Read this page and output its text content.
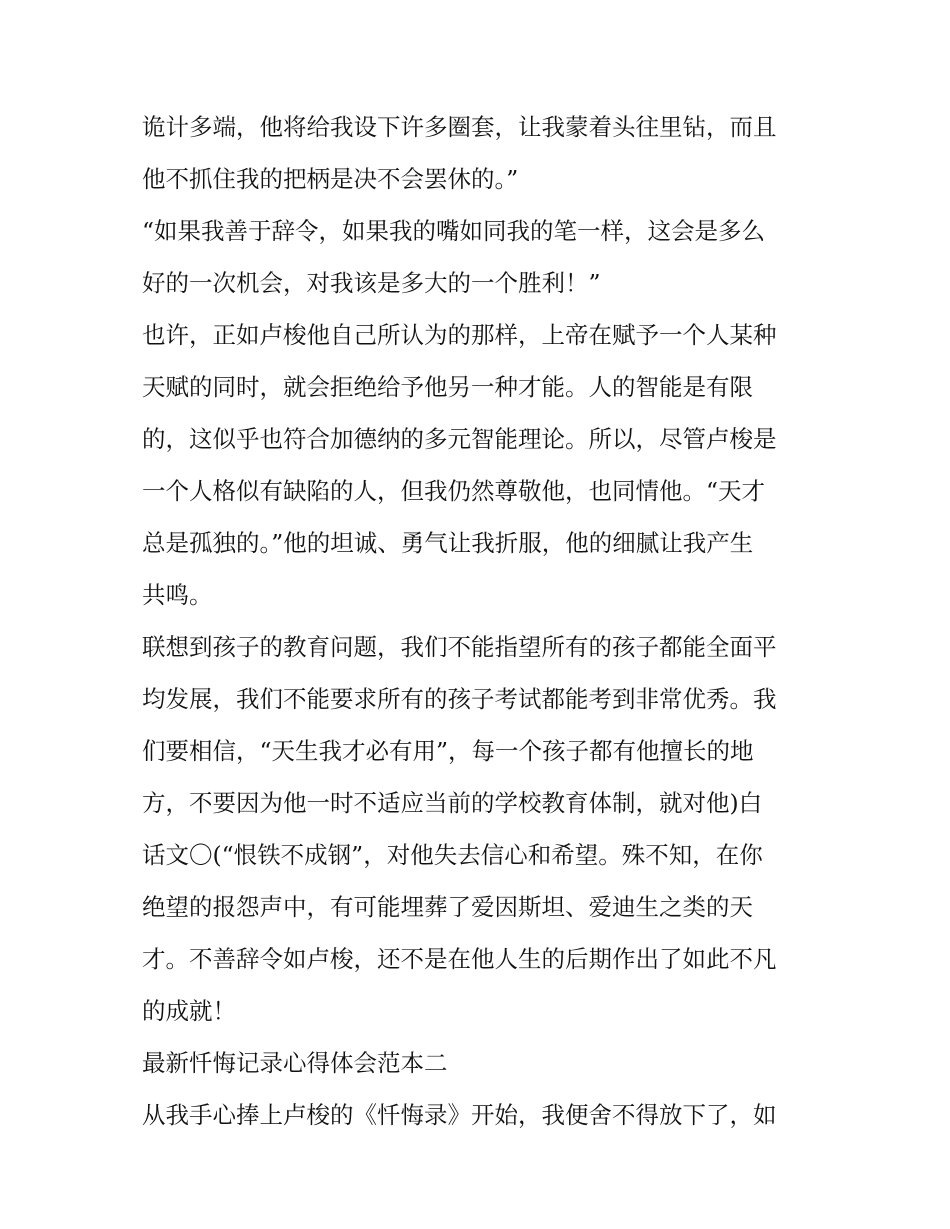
诡计多端，他将给我设下许多圈套，让我蒙着头往里钻，而且
他不抓住我的把柄是决不会罢休的。”
“如果我善于辞令，如果我的嘴如同我的笔一样，这会是多么
好的一次机会，对我该是多大的一个胜利！”
也许，正如卢梭他自己所认为的那样，上帝在赋予一个人某种
天赋的同时，就会拒绝给予他另一种才能。人的智能是有限
的，这似乎也符合加德纳的多元智能理论。所以，尽管卢梭是
一个人格似有缺陷的人，但我仍然尊敬他，也同情他。“天才
总是孤独的。”他的坦诚、勇气让我折服，他的细腻让我产生
共鸣。
联想到孩子的教育问题，我们不能指望所有的孩子都能全面平
均发展，我们不能要求所有的孩子考试都能考到非常优秀。我
们要相信，“天生我才必有用”，每一个孩子都有他擅长的地
方，不要因为他一时不适应当前的学校教育体制，就对他)白
话文〇(“恨铁不成钢”，对他失去信心和希望。殊不知，在你
绝望的报怨声中，有可能埋葬了爱因斯坦、爱迪生之类的天
才。不善辞令如卢梭，还不是在他人生的后期作出了如此不凡
的成就！
最新忏悔记录心得体会范本二
从我手心捧上卢梭的《忏悔录》开始，我便舍不得放下了，如
